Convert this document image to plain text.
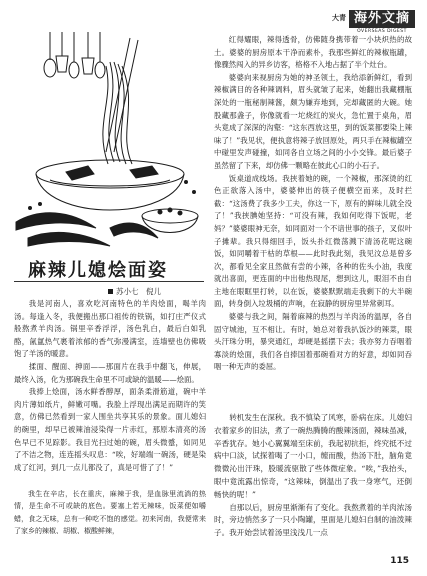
大青 海外文摘
OVERSEAS DIGEST
麻辣儿媳烩面姿
苏小七　倪儿

我是河南人，喜欢吃河南特色的羊肉烩面，喝羊肉汤。每逢入冬，我便搬出那口祖传的铁锅，如打庄严仪式般熬煮羊肉汤。锅里辛香浮浮，汤色乳白，最后白如乳酪，氤氲热气裹着浓郁的香气弥漫满室，连墙壁也仿佛吸饱了羊汤的暖意。

揉面、醒面、抻面——那面片在我手中翻飞，伸展，最终入汤，化为那碗我生命里不可或缺的温暖——烩面。

我捧上烩面，汤水鲜香醇厚，面条柔滑筋道，碗中羊肉片薄如纸片，鲜嫩可嘴。我脸上浮现出满足而期许的笑意，仿佛已然看到一家人围坐共享其乐的景象。面儿媳妇的碗里，却早已被辣油浸染得一片赤红，那原本清亮的汤色早已不见踪影。我目光扫过她的碗，眉头微蹙，如同见了不洁之物，连连摇头叹息：“唉，好端端一碗汤，硬是染成了红河，到几一点儿都没了，真是可惜了了！”

我生在辛店，长在重庆，麻辣于我，是血脉里流淌的热情，是生命不可或缺的底色。要塞上若无辣味，饭菜便如嚼蜡，食之无味，总有一种吃不饱的感觉。初来河南，我便常来了家乡的辣椒、胡椒、椒酸鲜辣，

红得耀眼，辣得透骨，仿佛随身携带着一小块炽热的故土。婆婆的厨房原本干净而素朴，我那些鲜红的辣椒瓶罐，像骤然闯入的异乡访客，格格不入地占据了半个灶台。

婆婆向来视厨房为她的神圣领土，我给添新鲜红，看到辣椒满目的各种辣调料，眉头就皱了起来，她翻出我藏棚瓶深处的一瓶秘制辣酱，颇为嫌弃地到，完却藏匿的大碗。她股藏那盏子，你像就看一坨烧红的炭火，急忙置于桌角，眉头竟成了深深的沟壑：“这东西放这里，到的饭菜都要染上辣味了！”我见状，便执意将辣子放回原处，两只手在辣椒罐空中碰里发声碰撞，如同各自立场之间的小小交锋。最后婆子虽然留了下来，却仿佛一颗略在彼此心口的小石子。

饭桌道成线场。我挟着她的碗，一个辣椒，那深烫的红色正欲落入汤中，婆婆伸出的筷子便横空而来，及时拦截：“这汤费了我多少工夫，你这一下，原有的鲜味儿就全没了！”我挟腆她坚持：“可没有辣，我如何吃得下饭呢，老妈？”婆婆眼神无奈，如同面对一个不谙世事的孩子，叉似叶子摊辈。我只得细回手，饭头扑红微荡溅下清汤花呢这碗饭，如同嚼着干枯的草根——此时我此刻，我见汶总是曾多次，都看见全家且然做有尝的小辣，各种的佐头小油，我度就出喜面，更连面的中出他热现尾，想到这儿，眼泪不由自主地在眼眶里打转，以在饭，婆婆默默端走我剩下的大半碗面，转身倒入垃圾桶的声响，在寂静的厨房里异常刺耳。

婆婆与我之间，隔着麻辣的热烈与羊肉汤的温厚，各自固守城池，互不相让。有时，她总对着我扒饭沙的辣菜，眼头汗珠分明，暴突通红，却硬是摇摆下去；我亦努力吞咽着寡淡的烩面，我们各自捧国着那碗看对方的好意，却如同吞咽一种无声的委屈。

转机发生在深秋。我不慎染了风寒，卧病在床。儿媳妇衣着家乡的旧法，煮了一碗热腾腾的酸辣汤面，辣味虽减，辛香犹存。她小心翼翼端至床前，我起初抗拒，终究抵不过病中口淡，试探着喝了一小口，缠而酸，热汤下肚，脑角竟微微沁出汗珠，股暖流驱散了些体微症象。“唉，”我抬头，眼中竟流露出惊奇，“这辣味，倒温出了我一身寒气，还倒畅快的呢！”

自那以后，厨房里渐渐有了变化。我熬煮着的羊肉浓汤时，旁边悄然多了一只小陶罐，里面是儿媳妇自制的油泼辣子。我开始尝试着汤里浅浅几一点

115
